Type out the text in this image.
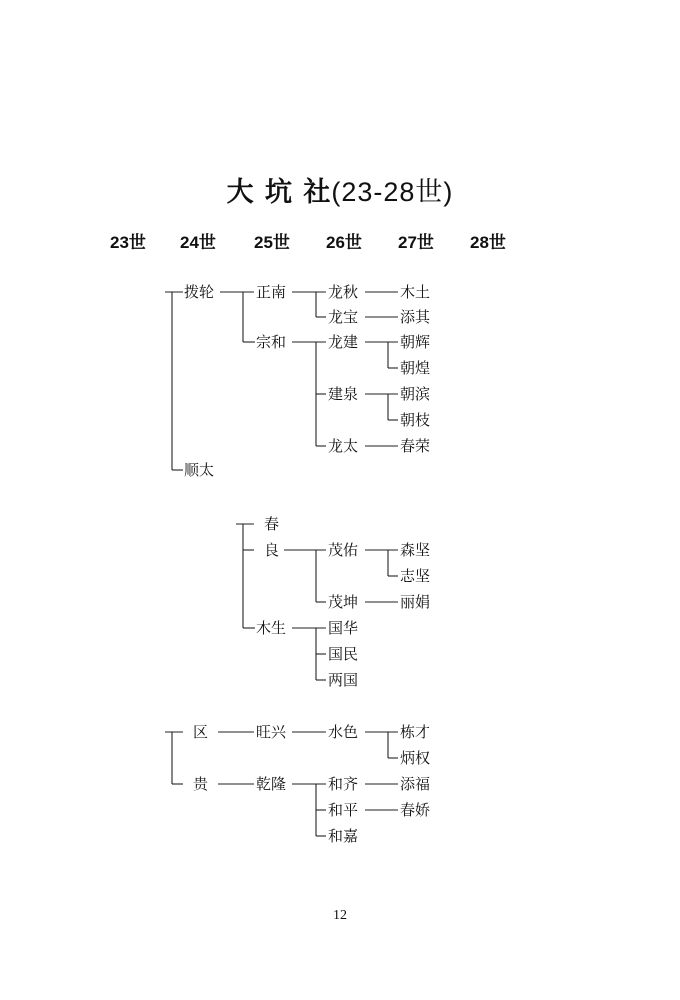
大 坑 社(23-28世)
23世 24世 25世 26世 27世 28世
拨轮
顺太
正南
宗和
龙秋
龙宝
龙建
建泉
龙太
木土
添其
朝辉
朝煌
朝滨
朝枝
春荣
春
良
木生
茂佑
茂坤
国华
国民
两国
森坚
志坚
丽娟
区
贵
旺兴
乾隆
水色
和齐
和平
和嘉
栋才
炳权
添福
春娇
12
